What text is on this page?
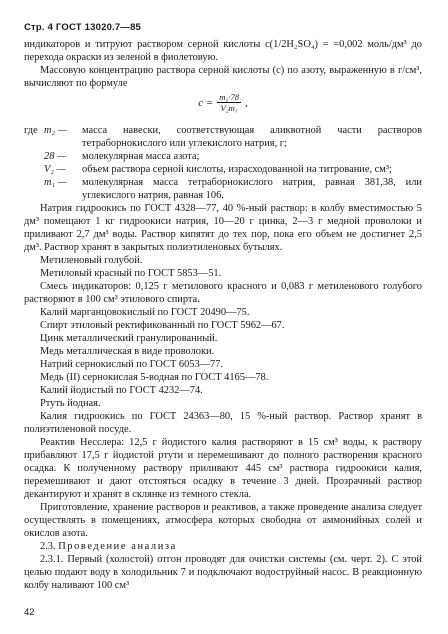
Стр. 4 ГОСТ 13020.7—85
индикаторов и титруют раствором серной кислоты c(1/2H₂SO₄) = =0,002 моль/дм³ до перехода окраски из зеленой в фиолетовую.
Массовую концентрацию раствора серной кислоты (c) по азоту, выраженную в г/см³, вычисляют по формуле
$c = \frac{\text{m₂·78}}{\text{V₂m₁}}$ ,
где m₂ —	масса навески, соответствующая аликвотной части растворов тетраборнокислого или углекислого натрия, г;
28 —	молекулярная масса азота;
V₂ —	объем раствора серной кислоты, израсходованной на титрование, см³;
m₁ —	молекулярная масса тетраборнокислого натрия, равная 381,38, или углекислого натрия, равная 106.
Натрия гидроокись по ГОСТ 4328—77, 40 %-ный раствор: в колбу вместимостью 5 дм³ помещают 1 кг гидроокиси натрия, 10—20 г цинка, 2—3 г медной проволоки и приливают 2,7 дм³ воды. Раствор кипятят до тех пор, пока его объем не достигнет 2,5 дм³. Раствор хранят в закрытых полиэтиленовых бутылях.
Метиленовый голубой.
Метиловый красный по ГОСТ 5853—51.
Смесь индикаторов: 0,125 г метилового красного и 0,083 г метиленового голубого растворяют в 100 см³ этилового спирта.
Калий марганцовокислый по ГОСТ 20490—75.
Спирт этиловый ректификованный по ГОСТ 5962—67.
Цинк металлический гранулированный.
Медь металлическая в виде проволоки.
Натрий сернокислый по ГОСТ 6053—77.
Медь (II) сернокислая 5-водная по ГОСТ 4165—78.
Калий йодистый по ГОСТ 4232—74.
Ртуть йодная.
Калия гидроокись по ГОСТ 24363—80, 15 %-ный раствор. Раствор хранят в полиэтиленовой посуде.
Реактив Несслера: 12,5 г йодистого калия растворяют в 15 см³ воды, к раствору прибавляют 17,5 г йодистой ртути и перемешивают до полного растворения красного осадка. К полученному раствору приливают 445 см³ раствора гидроокиси калия, перемешивают и дают отстояться осадку в течение 3 дней. Прозрачный раствор декантируют и хранят в склянке из темного стекла.
Приготовление, хранение растворов и реактивов, а также проведение анализа следует осуществлять в помещениях, атмосфера которых свободна от аммонийных солей и окислов азота.
2.3. Проведение анализа
2.3.1. Первый (холостой) отгон проводят для очистки системы (см. черт. 2). С этой целью подают воду в холодильник 7 и подключают водоструйный насос. В реакционную колбу наливают 100 см³
42
